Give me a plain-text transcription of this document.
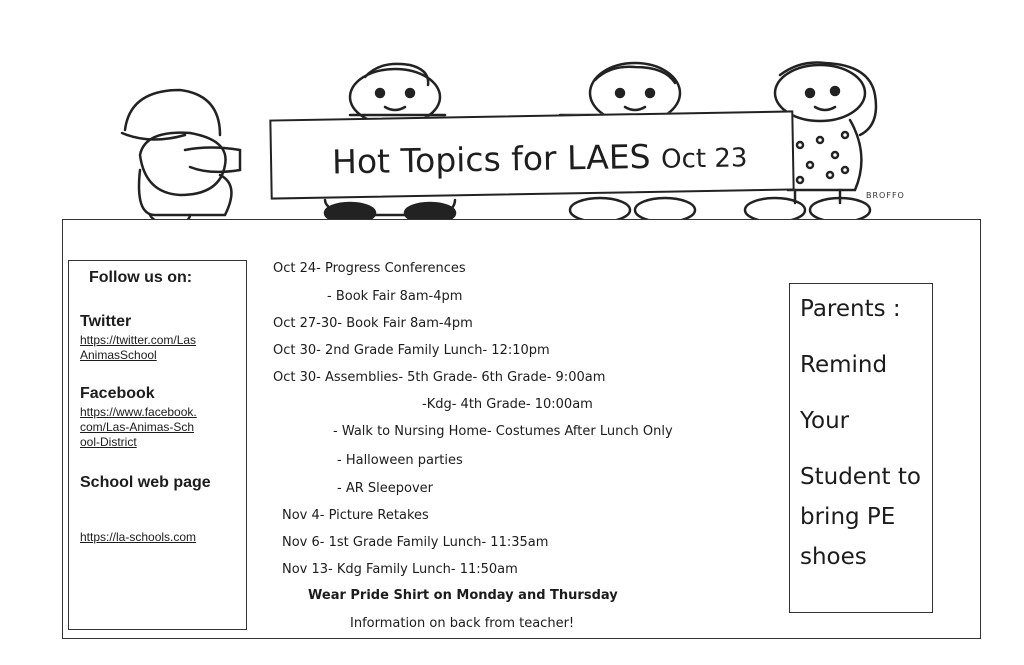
Hot Topics for LAES Oct 23
BROFFO
Follow us on:
Twitter
https://twitter.com/LasAnimasSchool
Facebook
https://www.facebook.com/Las-Animas-School-District
School web page
https://la-schools.com
Oct 24- Progress Conferences
- Book Fair 8am-4pm
Oct 27-30- Book Fair 8am-4pm
Oct 30- 2nd Grade Family Lunch- 12:10pm
Oct 30- Assemblies- 5th Grade- 6th Grade- 9:00am
-Kdg- 4th Grade- 10:00am
- Walk to Nursing Home- Costumes After Lunch Only
- Halloween parties
- AR Sleepover
Nov 4- Picture Retakes
Nov 6- 1st Grade Family Lunch- 11:35am
Nov 13- Kdg Family Lunch- 11:50am
Wear Pride Shirt on Monday and Thursday
Information on back from teacher!
Parents :
Remind
Your
Student to
bring PE
shoes
